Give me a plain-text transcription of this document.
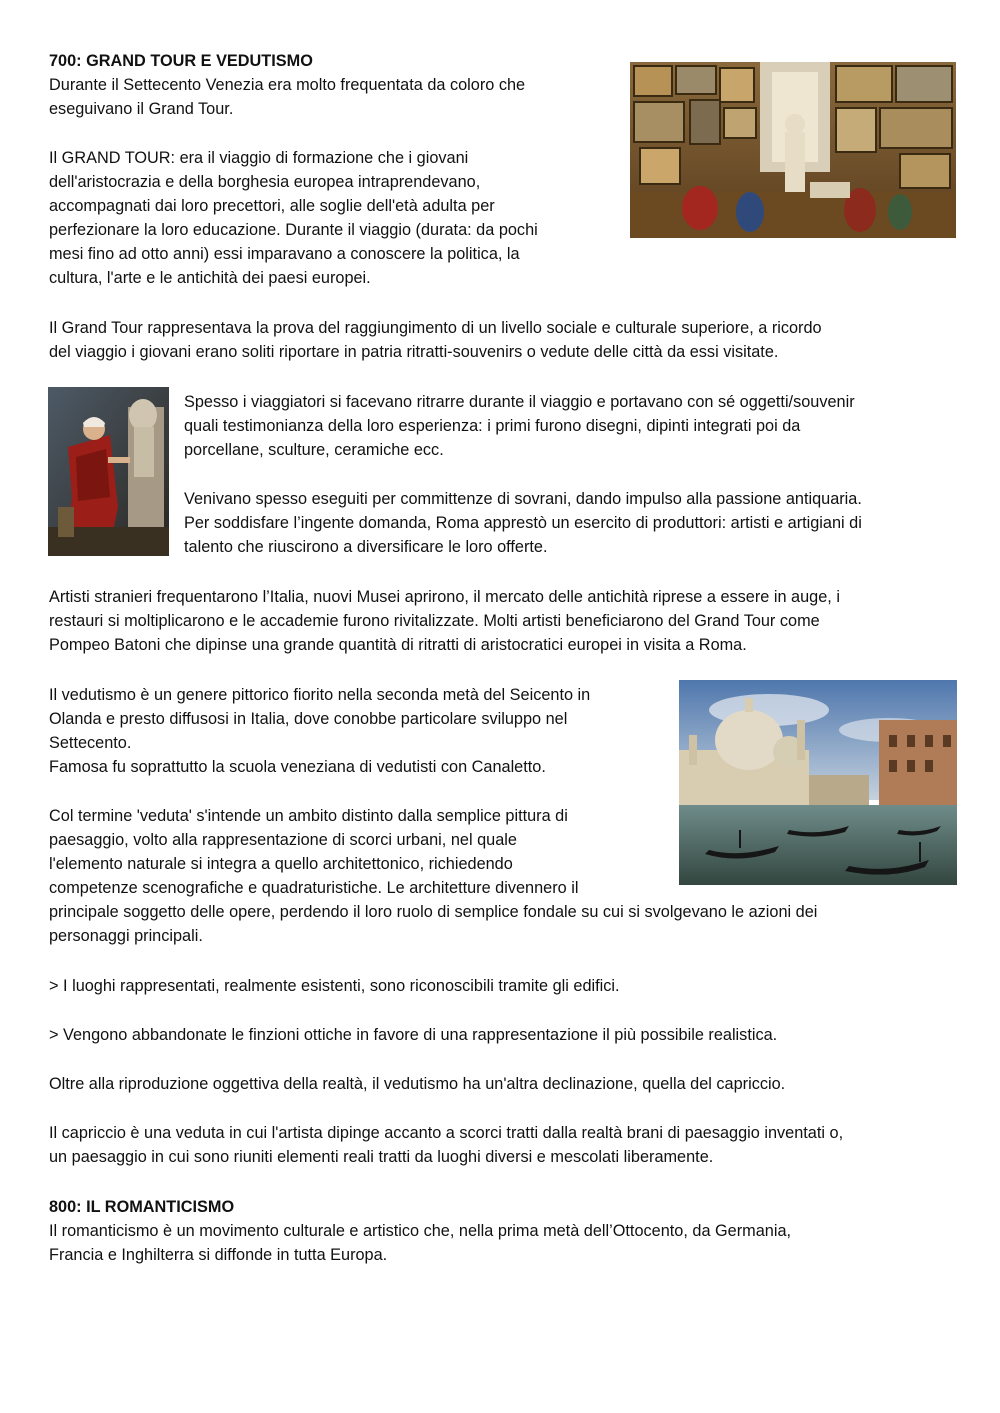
700: GRAND TOUR E VEDUTISMO
Durante il Settecento Venezia era molto frequentata da coloro che
eseguivano il Grand Tour.
Il GRAND TOUR: era il viaggio di formazione che i giovani
dell'aristocrazia e della borghesia europea intraprendevano,
accompagnati dai loro precettori, alle soglie dell'età adulta per
perfezionare la loro educazione. Durante il viaggio (durata: da pochi
mesi fino ad otto anni) essi imparavano a conoscere la politica, la
cultura, l'arte e le antichità dei paesi europei.
Il Grand Tour rappresentava la prova del raggiungimento di un livello sociale e culturale superiore, a ricordo
del viaggio i giovani erano soliti riportare in patria ritratti-souvenirs o vedute delle città da essi visitate.
Spesso i viaggiatori si facevano ritrarre durante il viaggio e portavano con sé oggetti/souvenir
quali testimonianza della loro esperienza: i primi furono disegni, dipinti integrati poi da
porcellane, sculture, ceramiche ecc.
Venivano spesso eseguiti per committenze di sovrani, dando impulso alla passione antiquaria.
Per soddisfare l’ingente domanda, Roma apprestò un esercito di produttori: artisti e artigiani di
talento che riuscirono a diversificare le loro offerte.
Artisti stranieri frequentarono l’Italia, nuovi Musei aprirono, il mercato delle antichità riprese a essere in auge, i
restauri si moltiplicarono e le accademie furono rivitalizzate. Molti artisti beneficiarono del Grand Tour come
Pompeo Batoni che dipinse una grande quantità di ritratti di aristocratici europei in visita a Roma.
Il vedutismo è un genere pittorico fiorito nella seconda metà del Seicento in
Olanda e presto diffusosi in Italia, dove conobbe particolare sviluppo nel
Settecento.
Famosa fu soprattutto la scuola veneziana di vedutisti con Canaletto.
Col termine 'veduta' s'intende un ambito distinto dalla semplice pittura di
paesaggio, volto alla rappresentazione di scorci urbani, nel quale
l'elemento naturale si integra a quello architettonico, richiedendo
competenze scenografiche e quadraturistiche. Le architetture divennero il
principale soggetto delle opere, perdendo il loro ruolo di semplice fondale su cui si svolgevano le azioni dei
personaggi principali.
> I luoghi rappresentati, realmente esistenti, sono riconoscibili tramite gli edifici.
> Vengono abbandonate le finzioni ottiche in favore di una rappresentazione il più possibile realistica.
Oltre alla riproduzione oggettiva della realtà, il vedutismo ha un'altra declinazione, quella del capriccio.
Il capriccio è una veduta in cui l'artista dipinge accanto a scorci tratti dalla realtà brani di paesaggio inventati o,
un paesaggio in cui sono riuniti elementi reali tratti da luoghi diversi e mescolati liberamente.
800: IL ROMANTICISMO
Il romanticismo è un movimento culturale e artistico che, nella prima metà dell’Ottocento, da Germania,
Francia e Inghilterra si diffonde in tutta Europa.
